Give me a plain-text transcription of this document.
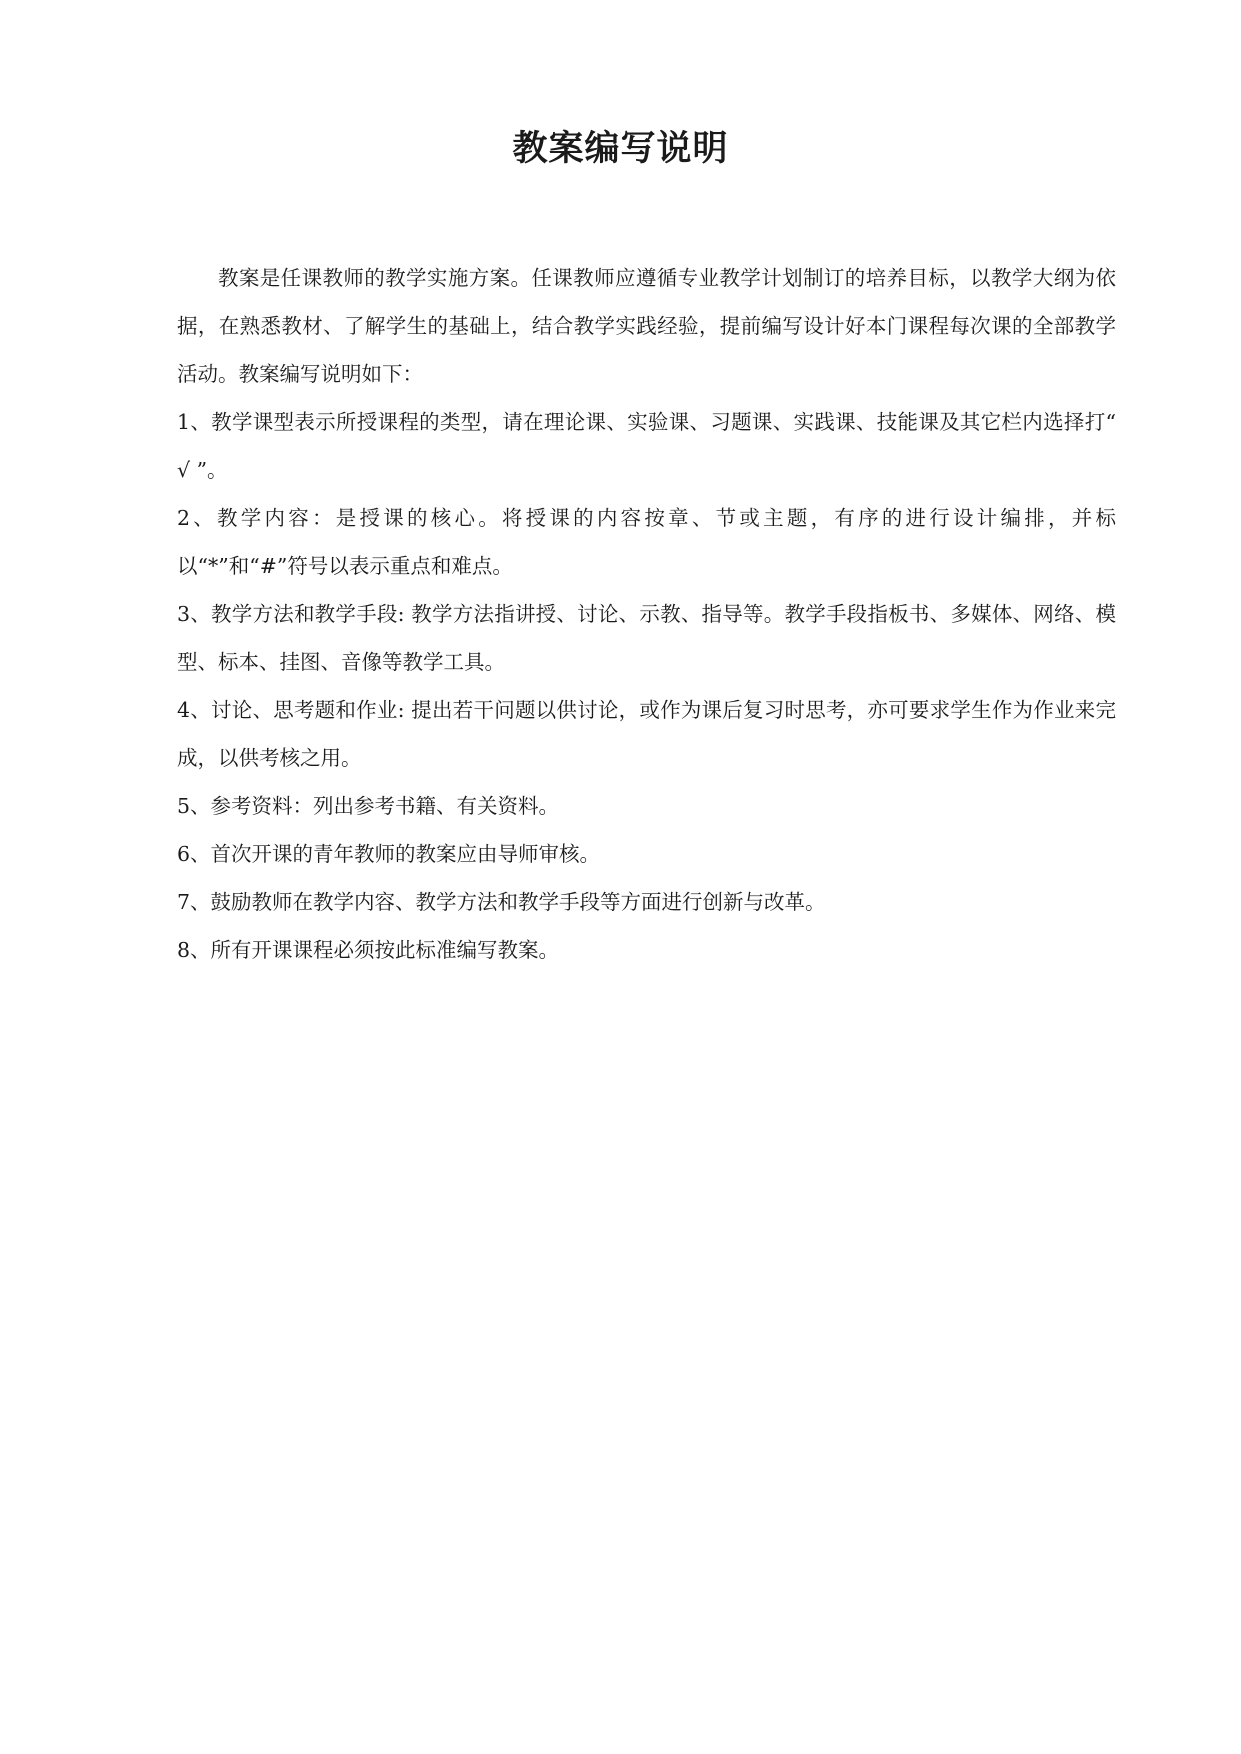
教案编写说明

教案是任课教师的教学实施方案。任课教师应遵循专业教学计划制订的培养目标，以教学大纲为依据，在熟悉教材、了解学生的基础上，结合教学实践经验，提前编写设计好本门课程每次课的全部教学活动。教案编写说明如下：

1、教学课型表示所授课程的类型，请在理论课、实验课、习题课、实践课、技能课及其它栏内选择打“ √ ”。

2、教学内容：是授课的核心。将授课的内容按章、节或主题，有序的进行设计编排，并标以“*”和“#”符号以表示重点和难点。

3、教学方法和教学手段: 教学方法指讲授、讨论、示教、指导等。教学手段指板书、多媒体、网络、模型、标本、挂图、音像等教学工具。

4、讨论、思考题和作业: 提出若干问题以供讨论，或作为课后复习时思考，亦可要求学生作为作业来完成，以供考核之用。

5、参考资料：列出参考书籍、有关资料。

6、首次开课的青年教师的教案应由导师审核。

7、鼓励教师在教学内容、教学方法和教学手段等方面进行创新与改革。

8、所有开课课程必须按此标准编写教案。
